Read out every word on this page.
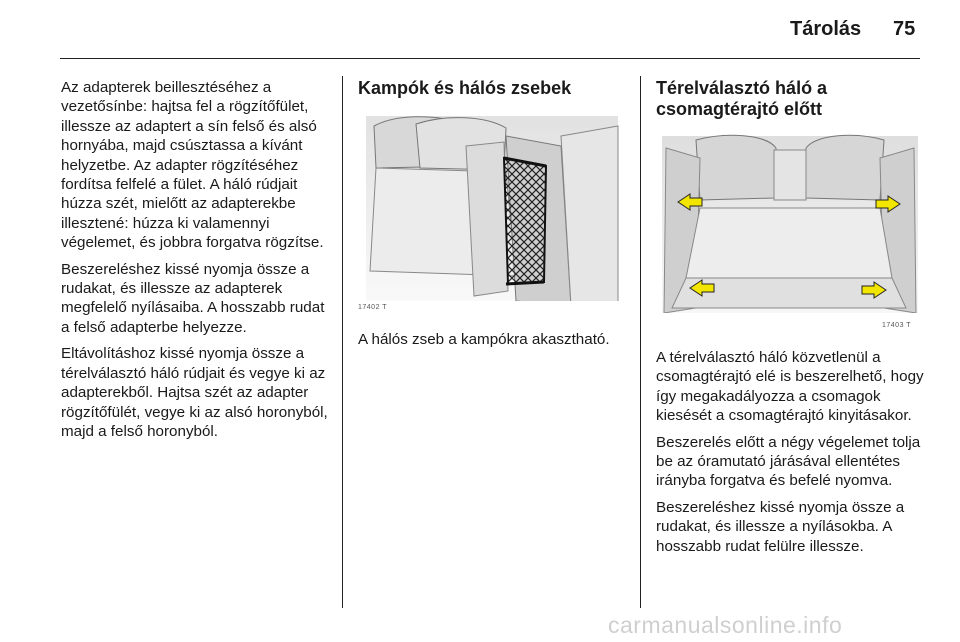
Tárolás 75

Az adapterek beillesztéséhez a vezetősínbe: hajtsa fel a rögzítőfület, illessze az adaptert a sín felső és alsó hornyába, majd csúsztassa a kívánt helyzetbe. Az adapter rögzítéséhez fordítsa felfelé a fület. A háló rúdjait húzza szét, mielőtt az adapterekbe illesztené: húzza ki valamennyi végelemet, és jobbra forgatva rögzítse.

Beszereléshez kissé nyomja össze a rudakat, és illessze az adapterek megfelelő nyílásaiba. A hosszabb rudat a felső adapterbe helyezze.

Eltávolításhoz kissé nyomja össze a térelválasztó háló rúdjait és vegye ki az adapterekből. Hajtsa szét az adapter rögzítőfülét, vegye ki az alsó horonyból, majd a felső horonyból.

Kampók és hálós zsebek
17402 T
A hálós zseb a kampókra akasztható.
Térelválasztó háló a
csomagtérajtó előtt

A térelválasztó háló közvetlenül a csomagtérajtó elé is beszerelhető, hogy így megakadályozza a csomagok kiesését a csomagtérajtó kinyitásakor.

Beszerelés előtt a négy végelemet tolja be az óramutató járásával ellentétes irányba forgatva és befelé nyomva.

Beszereléshez kissé nyomja össze a rudakat, és illessze a nyílásokba. A hosszabb rudat felülre illessze.

17403 T
carmanualsonline.info
